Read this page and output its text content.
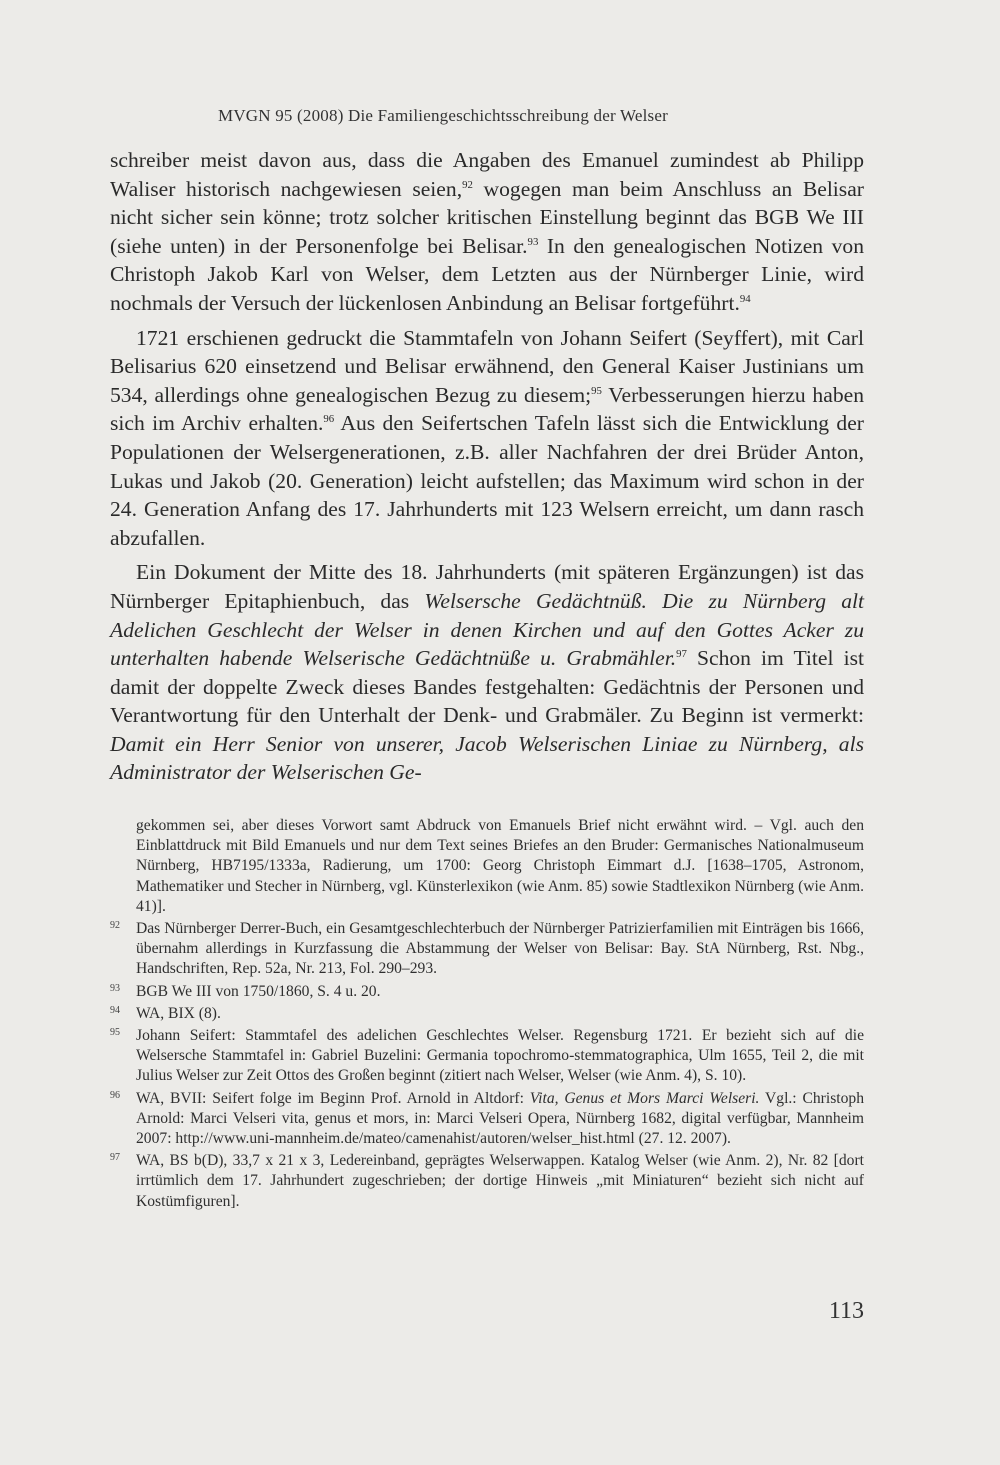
MVGN 95 (2008) Die Familiengeschichtsschreibung der Welser

schreiber meist davon aus, dass die Angaben des Emanuel zumindest ab Philipp Waliser historisch nachgewiesen seien,$^{92}$ wogegen man beim Anschluss an Belisar nicht sicher sein könne; trotz solcher kritischen Einstellung beginnt das BGB We III (siehe unten) in der Personenfolge bei Belisar.$^{93}$ In den genealogischen Notizen von Christoph Jakob Karl von Welser, dem Letzten aus der Nürnberger Linie, wird nochmals der Versuch der lückenlosen Anbindung an Belisar fortgeführt.$^{94}$

1721 erschienen gedruckt die Stammtafeln von Johann Seifert (Seyffert), mit Carl Belisarius 620 einsetzend und Belisar erwähnend, den General Kaiser Justinians um 534, allerdings ohne genealogischen Bezug zu diesem;$^{95}$ Verbesserungen hierzu haben sich im Archiv erhalten.$^{96}$ Aus den Seifertschen Tafeln lässt sich die Entwicklung der Populationen der Welsergenerationen, z.B. aller Nachfahren der drei Brüder Anton, Lukas und Jakob (20. Generation) leicht aufstellen; das Maximum wird schon in der 24. Generation Anfang des 17. Jahrhunderts mit 123 Welsern erreicht, um dann rasch abzufallen.

Ein Dokument der Mitte des 18. Jahrhunderts (mit späteren Ergänzungen) ist das Nürnberger Epitaphienbuch, das Welsersche Gedächtnüß. Die zu Nürnberg alt Adelichen Geschlecht der Welser in denen Kirchen und auf den Gottes Acker zu unterhalten habende Welserische Gedächtnüße u. Grabmähler.$^{97}$ Schon im Titel ist damit der doppelte Zweck dieses Bandes festgehalten: Gedächtnis der Personen und Verantwortung für den Unterhalt der Denk- und Grabmäler. Zu Beginn ist vermerkt: Damit ein Herr Senior von unserer, Jacob Welserischen Liniae zu Nürnberg, als Administrator der Welserischen Ge-

gekommen sei, aber dieses Vorwort samt Abdruck von Emanuels Brief nicht erwähnt wird. – Vgl. auch den Einblattdruck mit Bild Emanuels und nur dem Text seines Briefes an den Bruder: Germanisches Nationalmuseum Nürnberg, HB7195/1333a, Radierung, um 1700: Georg Christoph Eimmart d.J. [1638–1705, Astronom, Mathematiker und Stecher in Nürnberg, vgl. Künsterlexikon (wie Anm. 85) sowie Stadtlexikon Nürnberg (wie Anm. 41)].
92 Das Nürnberger Derrer-Buch, ein Gesamtgeschlechterbuch der Nürnberger Patrizierfamilien mit Einträgen bis 1666, übernahm allerdings in Kurzfassung die Abstammung der Welser von Belisar: Bay. StA Nürnberg, Rst. Nbg., Handschriften, Rep. 52a, Nr. 213, Fol. 290–293.
93 BGB We III von 1750/1860, S. 4 u. 20.
94 WA, BIX (8).
95 Johann Seifert: Stammtafel des adelichen Geschlechtes Welser. Regensburg 1721. Er bezieht sich auf die Welsersche Stammtafel in: Gabriel Buzelini: Germania topochromo-stemmatographica, Ulm 1655, Teil 2, die mit Julius Welser zur Zeit Ottos des Großen beginnt (zitiert nach Welser, Welser (wie Anm. 4), S. 10).
96 WA, BVII: Seifert folge im Beginn Prof. Arnold in Altdorf: Vita, Genus et Mors Marci Welseri. Vgl.: Christoph Arnold: Marci Velseri vita, genus et mors, in: Marci Velseri Opera, Nürnberg 1682, digital verfügbar, Mannheim 2007: http://www.uni-mannheim.de/mateo/camenahist/autoren/welser_hist.html (27. 12. 2007).
97 WA, BS b(D), 33,7 x 21 x 3, Ledereinband, geprägtes Welserwappen. Katalog Welser (wie Anm. 2), Nr. 82 [dort irrtümlich dem 17. Jahrhundert zugeschrieben; der dortige Hinweis „mit Miniaturen“ bezieht sich nicht auf Kostümfiguren].
113
